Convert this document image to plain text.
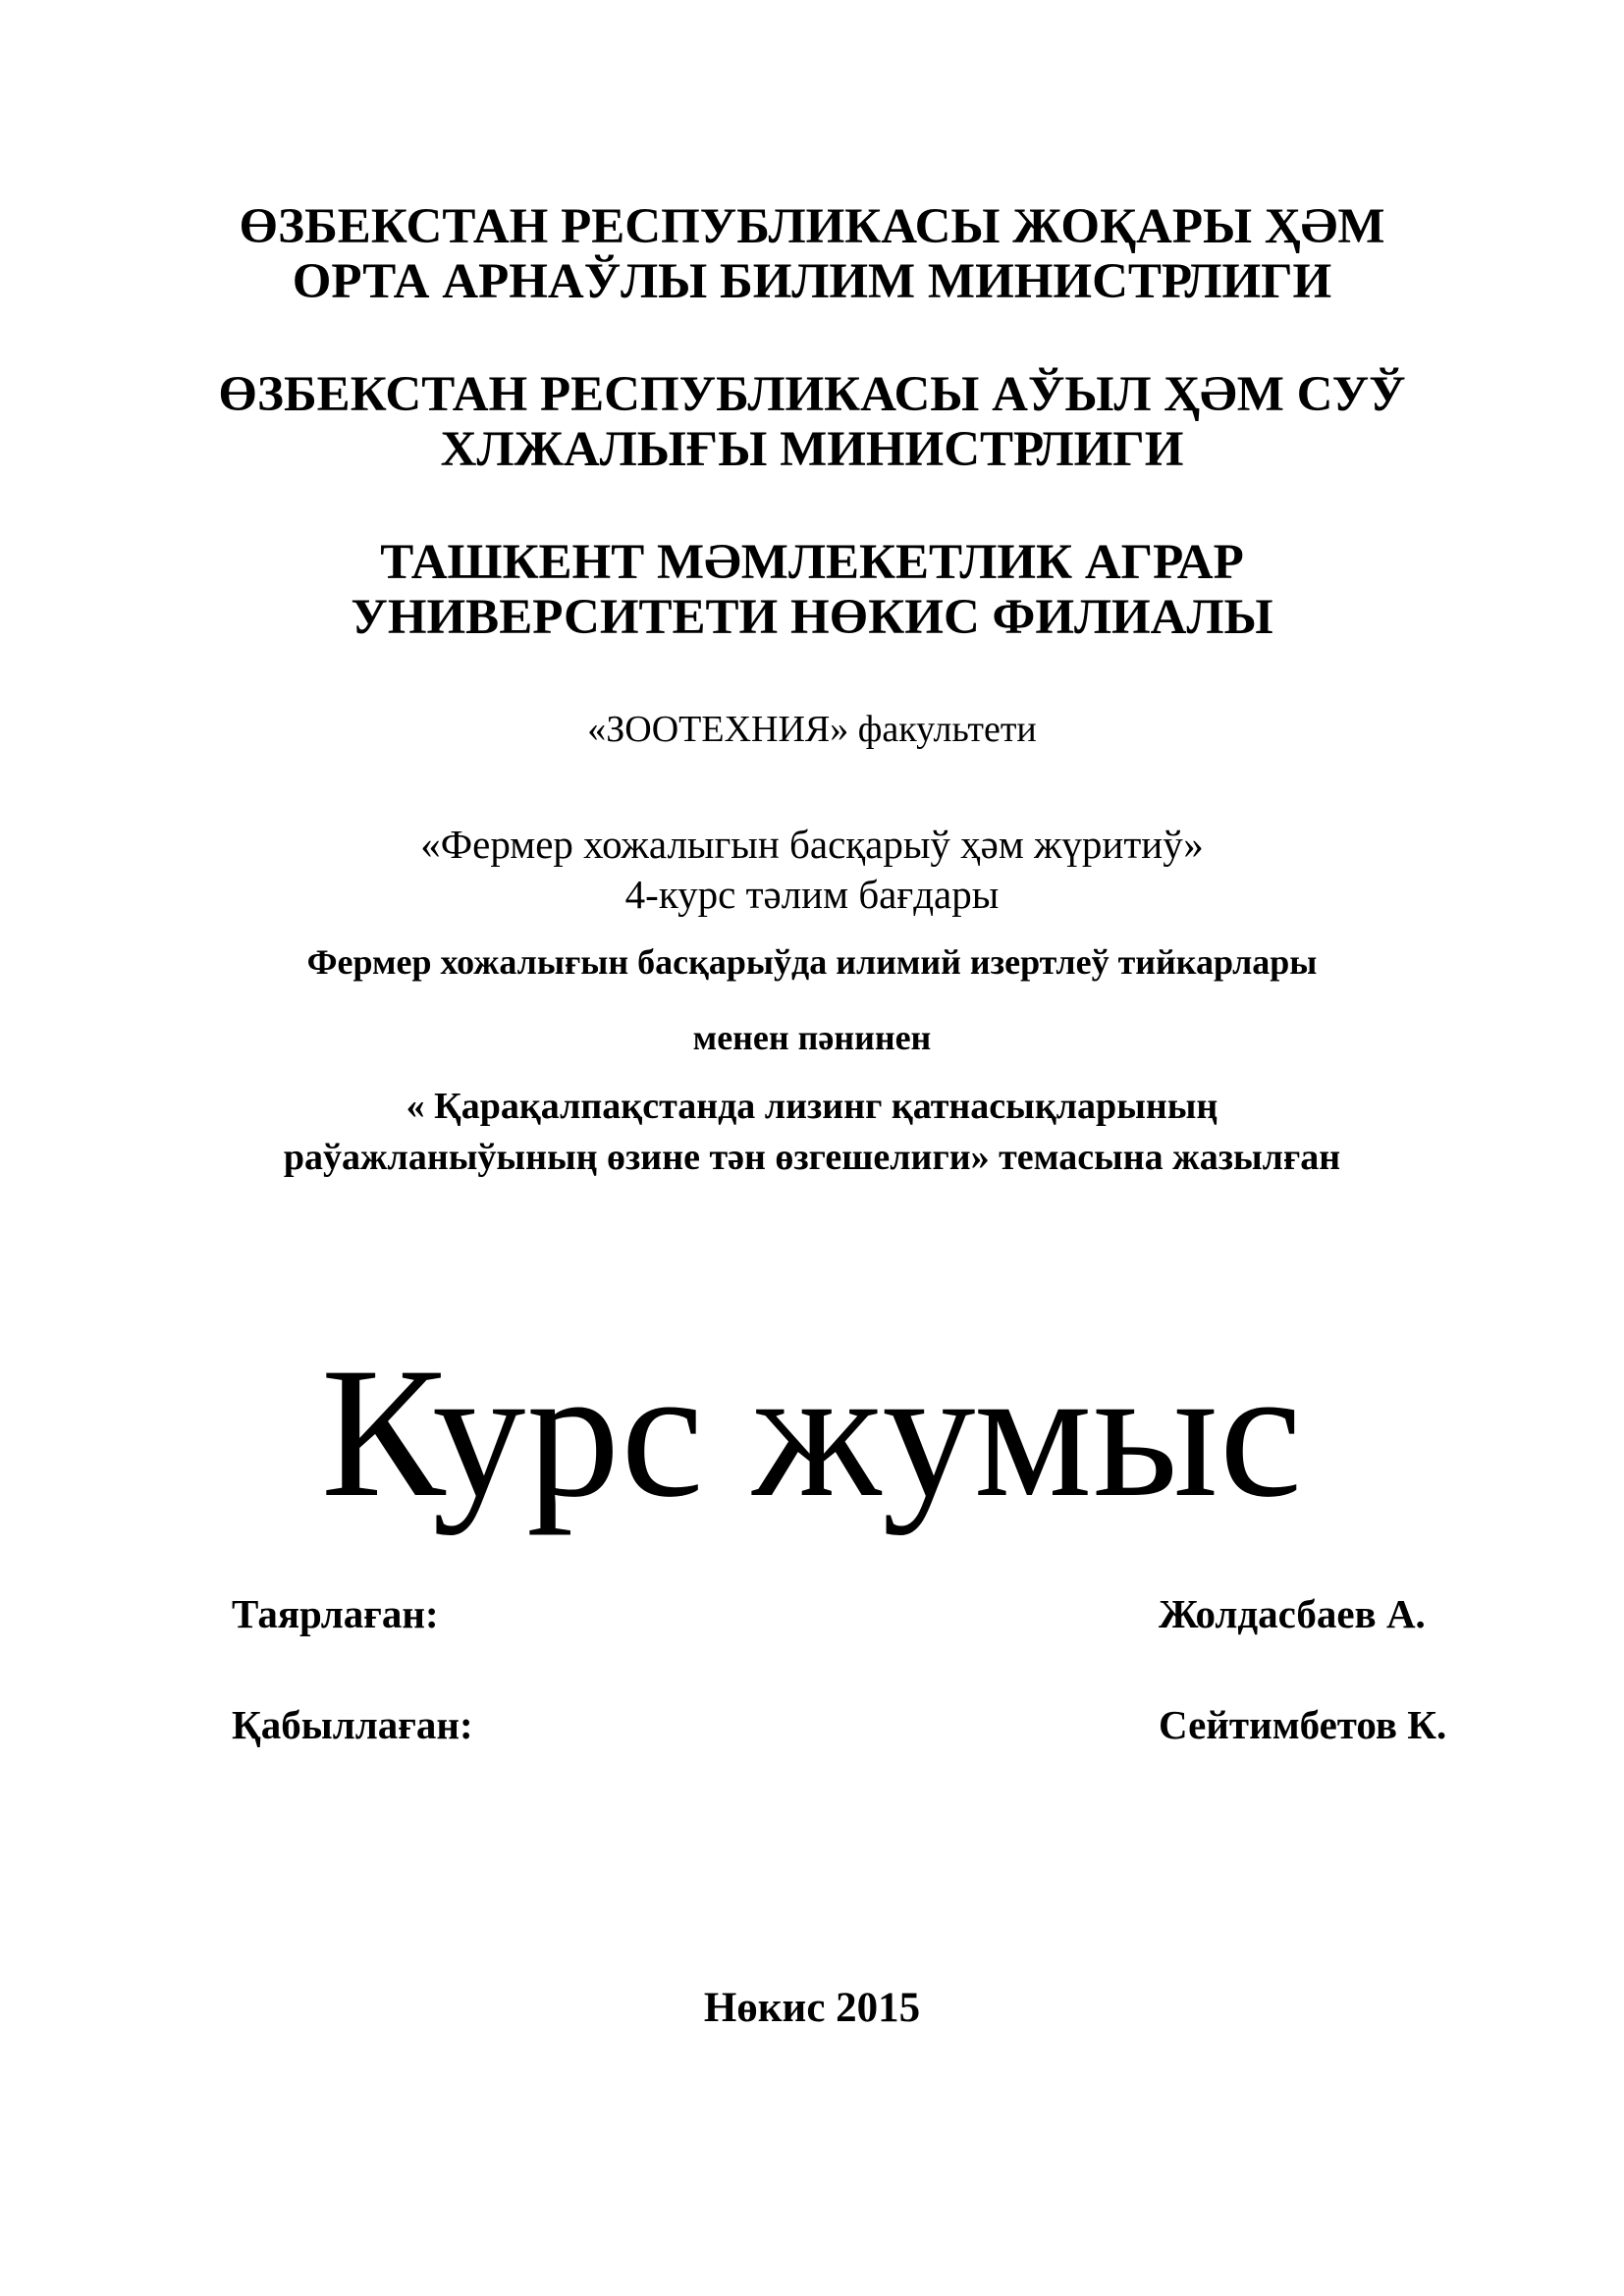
ӨЗБЕКСТАН РЕСПУБЛИКАСЫ ЖОҚАРЫ ҲӘМ

ОРТА АРНАЎЛЫ БИЛИМ МИНИСТРЛИГИ

ӨЗБЕКСТАН РЕСПУБЛИКАСЫ АЎЫЛ ҲӘМ СУЎ

ХЛЖАЛЫҒЫ МИНИСТРЛИГИ

ТАШКЕНТ МӘМЛЕКЕТЛИК АГРАР

УНИВЕРСИТЕТИ НӨКИС ФИЛИАЛЫ

«ЗООТЕХНИЯ» факультети

«Фермер хожалыгын басқарыў ҳәм жүритиў»

4-курс тәлим бағдары

Фермер хожалығын басқарыўда илимий изертлеў тийкарлары

менен пәнинен

« Қарақалпақстанда лизинг қатнасықларының

раўажланыўының өзине тән өзгешелиги» темасына жазылған

Курс жумыс

Таярлаған:	Жолдасбаев А.

Қабыллаған:	Сейтимбетов К.

Нөкис 2015
